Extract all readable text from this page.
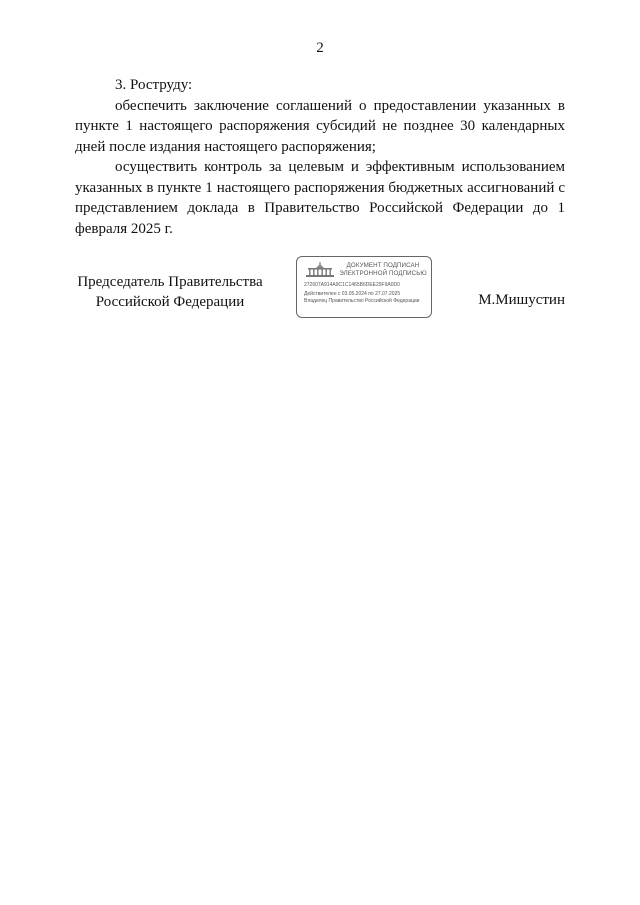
2

3. Роструду:

обеспечить заключение соглашений о предоставлении указанных в пункте 1 настоящего распоряжения субсидий не позднее 30 календарных дней после издания настоящего распоряжения;

осуществить контроль за целевым и эффективным использованием указанных в пункте 1 настоящего распоряжения бюджетных ассигнований с представлением доклада в Правительство Российской Федерации до 1 февраля 2025 г.

Председатель Правительства
Российской Федерации
ДОКУМЕНТ ПОДПИСАН
ЭЛЕКТРОННОЙ ПОДПИСЬЮ
272607A914A9C1C1465B6DEE29F9A0D0
Действителен с 03.05.2024 по 27.07.2025
Владелец Правительство Российской Федерации	М.Мишустин
